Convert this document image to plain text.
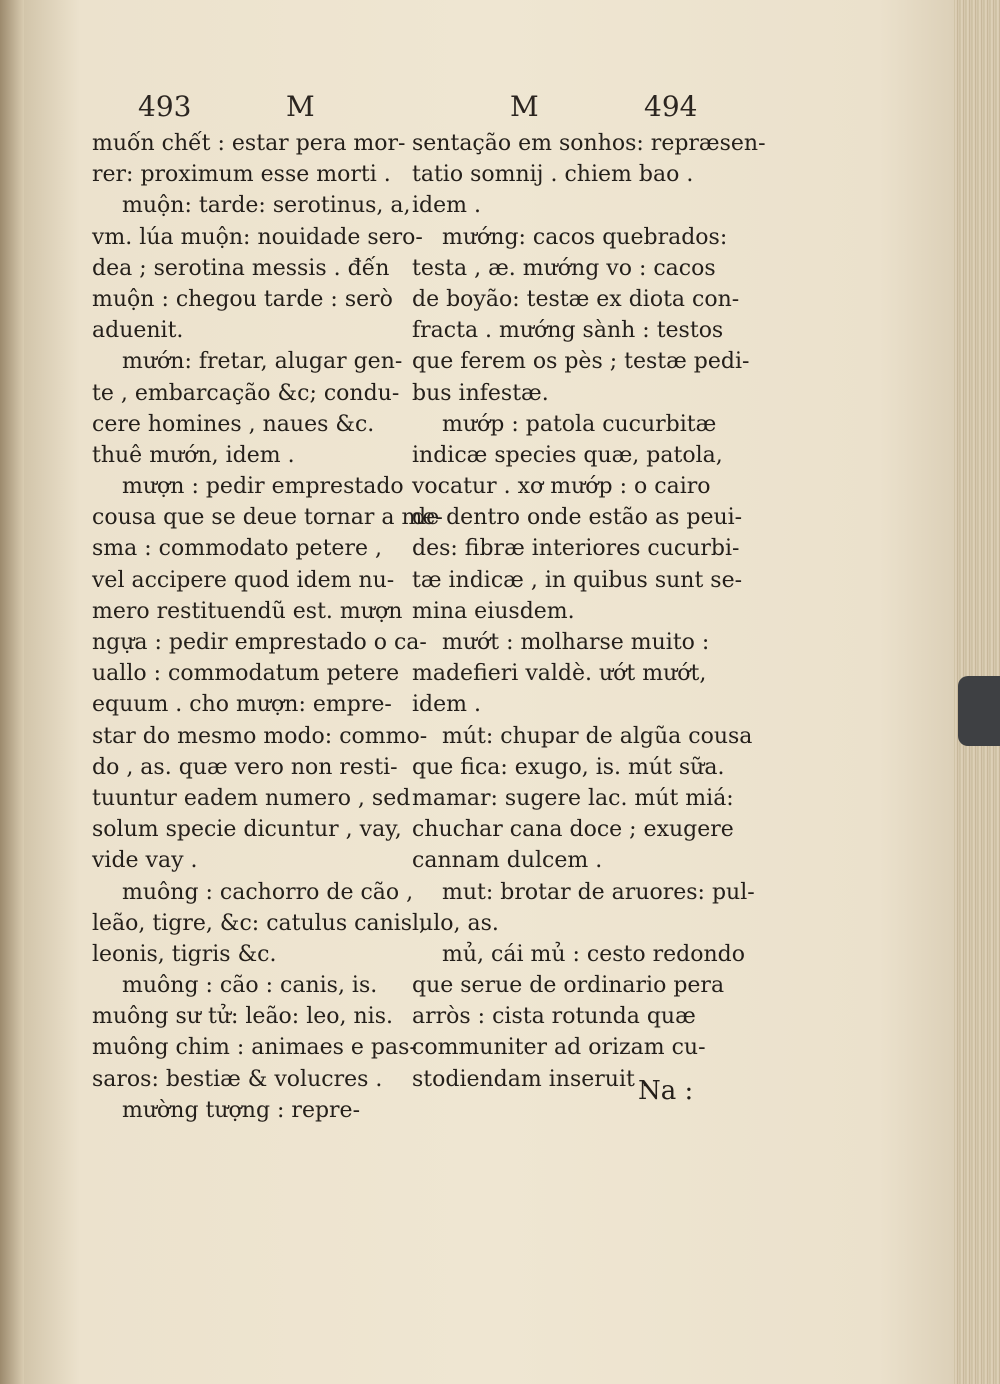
493	M	M	494
muốn chết : estar pera mor-
rer: proximum esse morti .
muộn: tarde: serotinus, a,
vm. lúa muộn: nouidade sero-
dea ; serotina messis . đến
muộn : chegou tarde : serò
aduenit.
mướn: fretar, alugar gen-
te , embarcação &c; condu-
cere homines , naues &c.
thuê mướn, idem .
mượn : pedir emprestado
cousa que se deue tornar a me-
sma : commodato petere ,
vel accipere quod idem nu-
mero restituendũ est. mượn
ngựa : pedir emprestado o ca-
uallo : commodatum petere
equum . cho mượn: empre-
star do mesmo modo: commo-
do , as. quæ vero non resti-
tuuntur eadem numero , sed
solum specie dicuntur , vay,
vide vay .
muông : cachorro de cão ,
leão, tigre, &c: catulus canis ,
leonis, tigris &c.
muông : cão : canis, is.
muông sư tử: leão: leo, nis.
muông chim : animaes e pas-
saros: bestiæ & volucres .
mường tượng : repre-
sentação em sonhos: repræsen-
tatio somnij . chiem bao .
idem .
mướng: cacos quebrados:
testa , æ. mướng vo : cacos
de boyão: testæ ex diota con-
fracta . mướng sành : testos
que ferem os pès ; testæ pedi-
bus infestæ.
mướp : patola cucurbitæ
indicæ species quæ, patola,
vocatur . xơ mướp : o cairo
de dentro onde estão as peui-
des: fibræ interiores cucurbi-
tæ indicæ , in quibus sunt se-
mina eiusdem.
mướt : molharse muito :
madefieri valdè. ướt mướt,
idem .
mút: chupar de algũa cousa
que fica: exugo, is. mút sữa.
mamar: sugere lac. mút miá:
chuchar cana doce ; exugere
cannam dulcem .
mut: brotar de aruores: pul-
lulo, as.
mủ, cái mủ : cesto redondo
que serue de ordinario pera
arròs : cista rotunda quæ
communiter ad orizam cu-
stodiendam inseruit .
Na :
